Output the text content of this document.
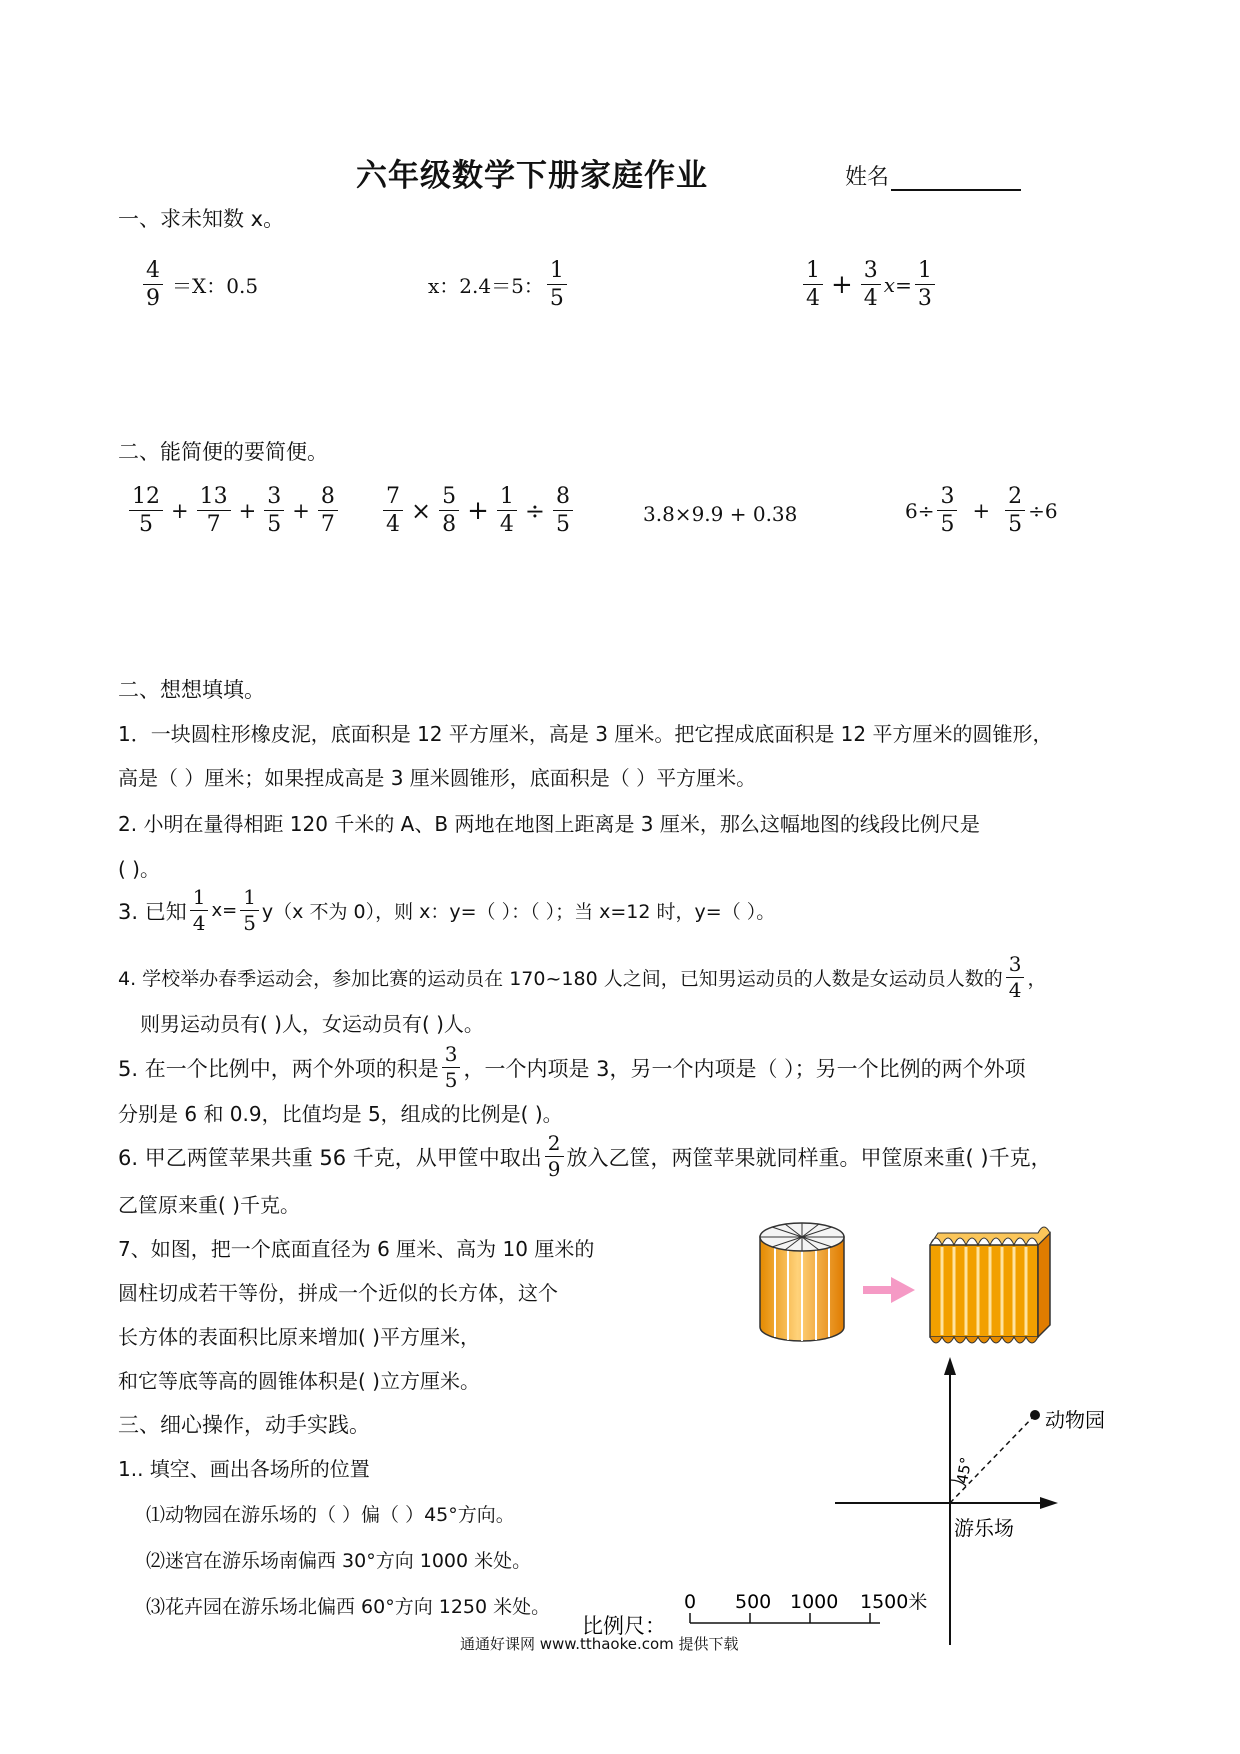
六年级数学下册家庭作业	姓名
一、求未知数 x。
$\frac{4}{9} =X$：0.5	x：2.4＝5： $\frac{1}{5}$	$\frac{1}{4} + \frac{3}{4} x= \frac{1}{3}$
二、能简便的要简便。
$\frac{12}{5} + \frac{13}{7} + \frac{3}{5} + \frac{8}{7} \frac{7}{4} \times \frac{5}{8} + \frac{1}{4} \div \frac{8}{5}$	3.8×9.9 + 0.38	$6\div \frac{3}{5} + \frac{2}{5} \div 6$
二、想想填填。
1．一块圆柱形橡皮泥，底面积是 12 平方厘米，高是 3 厘米。把它捏成底面积是 12 平方厘米的圆锥形，
高是（ ）厘米；如果捏成高是 3 厘米圆锥形，底面积是（ ）平方厘米。
2. 小明在量得相距 120 千米的 A、B 两地在地图上距离是 3 厘米，那么这幅地图的线段比例尺是
( )。
3. 已知 $\frac{1}{4} x= \frac{1}{5} y(x$ 不为 0），则 x：y=（ ）：（ ）；当 x=12 时，y=（ ）。
4. 学校举办春季运动会，参加比赛的运动员在 170~180 人之间，已知男运动员的人数是女运动员人数的 $\frac{3}{4}$ ，
则男运动员有( )人，女运动员有( )人。
5. 在一个比例中，两个外项的积是 $\frac{3}{5}$ ，一个内项是 3，另一个内项是（ ）；另一个比例的两个外项
分别是 6 和 0.9，比值均是 5，组成的比例是( )。
6. 甲乙两筐苹果共重 56 千克，从甲筐中取出 $\frac{2}{9}$ 放入乙筐，两筐苹果就同样重。甲筐原来重( )千克，
乙筐原来重( )千克。
7、如图，把一个底面直径为 6 厘米、高为 10 厘米的
圆柱切成若干等份，拼成一个近似的长方体，这个
长方体的表面积比原来增加( )平方厘米，
和它等底等高的圆锥体积是( )立方厘米。
三、细心操作，动手实践。
1.. 填空、画出各场所的位置
⑴动物园在游乐场的（ ）偏（ ）45°方向。
⑵迷宫在游乐场南偏西 30°方向 1000 米处。
⑶花卉园在游乐场北偏西 60°方向 1250 米处。
45°
动物园
游乐场
比例尺：
0 500 1000 1500米
通通好课网 www.tthaoke.com 提供下载
